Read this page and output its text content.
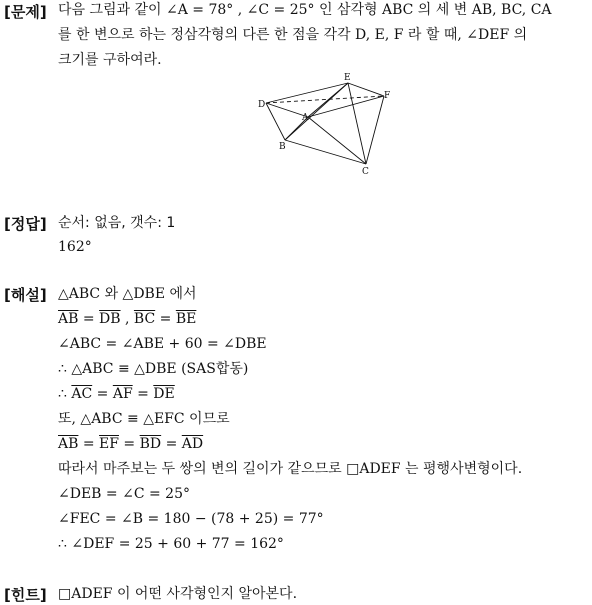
[문제] 다음 그림과 같이 ∠A = 78° , ∠C = 25° 인 삼각형 ABC 의 세 변 AB, BC, CA
를 한 변으로 하는 정삼각형의 다른 한 점을 각각 D, E, F 라 할 때, ∠DEF 의
크기를 구하여라.
A
B
C
D
E
F
[정답] 순서: 없음, 갯수: 1
162°
[해설] △ABC 와 △DBE 에서
$\overline{AB} = \overline{DB}$ , $\overline{BC} = \overline{BE}$
∠ABC = ∠ABE + 60 = ∠DBE
∴ △ABC ≡ △DBE (SAS합동)
∴ $\overline{AC} = \overline{AF} = \overline{DE}$
또, △ABC ≡ △EFC 이므로
$\overline{AB} = \overline{EF} = \overline{BD} = \overline{AD}$
따라서 마주보는 두 쌍의 변의 길이가 같으므로 □ADEF 는 평행사변형이다.
∠DEB = ∠C = 25°
∠FEC = ∠B = 180 − (78 + 25) = 77°
∴ ∠DEF = 25 + 60 + 77 = 162°
[힌트] □ADEF 이 어떤 사각형인지 알아본다.
